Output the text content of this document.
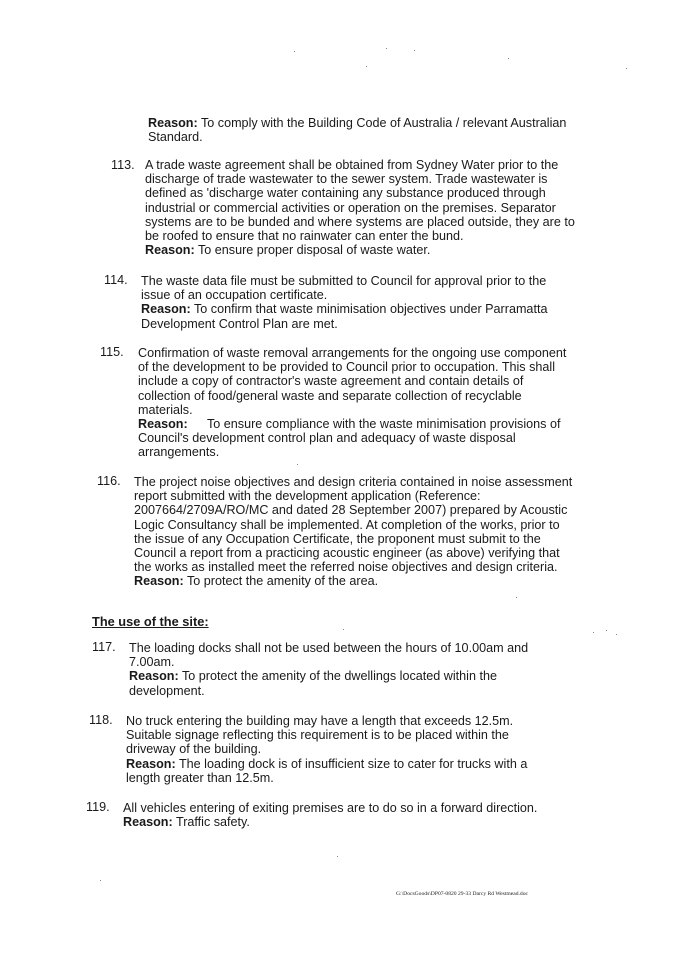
Reason: To comply with the Building Code of Australia / relevant Australian Standard.
113. A trade waste agreement shall be obtained from Sydney Water prior to the discharge of trade wastewater to the sewer system. Trade wastewater is defined as 'discharge water containing any substance produced through industrial or commercial activities or operation on the premises. Separator systems are to be bunded and where systems are placed outside, they are to be roofed to ensure that no rainwater can enter the bund.
Reason: To ensure proper disposal of waste water.
114. The waste data file must be submitted to Council for approval prior to the issue of an occupation certificate.
Reason: To confirm that waste minimisation objectives under Parramatta Development Control Plan are met.
115. Confirmation of waste removal arrangements for the ongoing use component of the development to be provided to Council prior to occupation. This shall include a copy of contractor's waste agreement and contain details of collection of food/general waste and separate collection of recyclable materials.
Reason: To ensure compliance with the waste minimisation provisions of Council's development control plan and adequacy of waste disposal arrangements.
116. The project noise objectives and design criteria contained in noise assessment report submitted with the development application (Reference: 2007664/2709A/RO/MC and dated 28 September 2007) prepared by Acoustic Logic Consultancy shall be implemented. At completion of the works, prior to the issue of any Occupation Certificate, the proponent must submit to the Council a report from a practicing acoustic engineer (as above) verifying that the works as installed meet the referred noise objectives and design criteria.
Reason: To protect the amenity of the area.
The use of the site:
117. The loading docks shall not be used between the hours of 10.00am and 7.00am.
Reason: To protect the amenity of the dwellings located within the development.
118. No truck entering the building may have a length that exceeds 12.5m. Suitable signage reflecting this requirement is to be placed within the driveway of the building.
Reason: The loading dock is of insufficient size to cater for trucks with a length greater than 12.5m.
119. All vehicles entering of exiting premises are to do so in a forward direction.
Reason: Traffic safety.
G:\DocsGoods\DP07-0820 29-33 Darcy Rd Westmead.doc
